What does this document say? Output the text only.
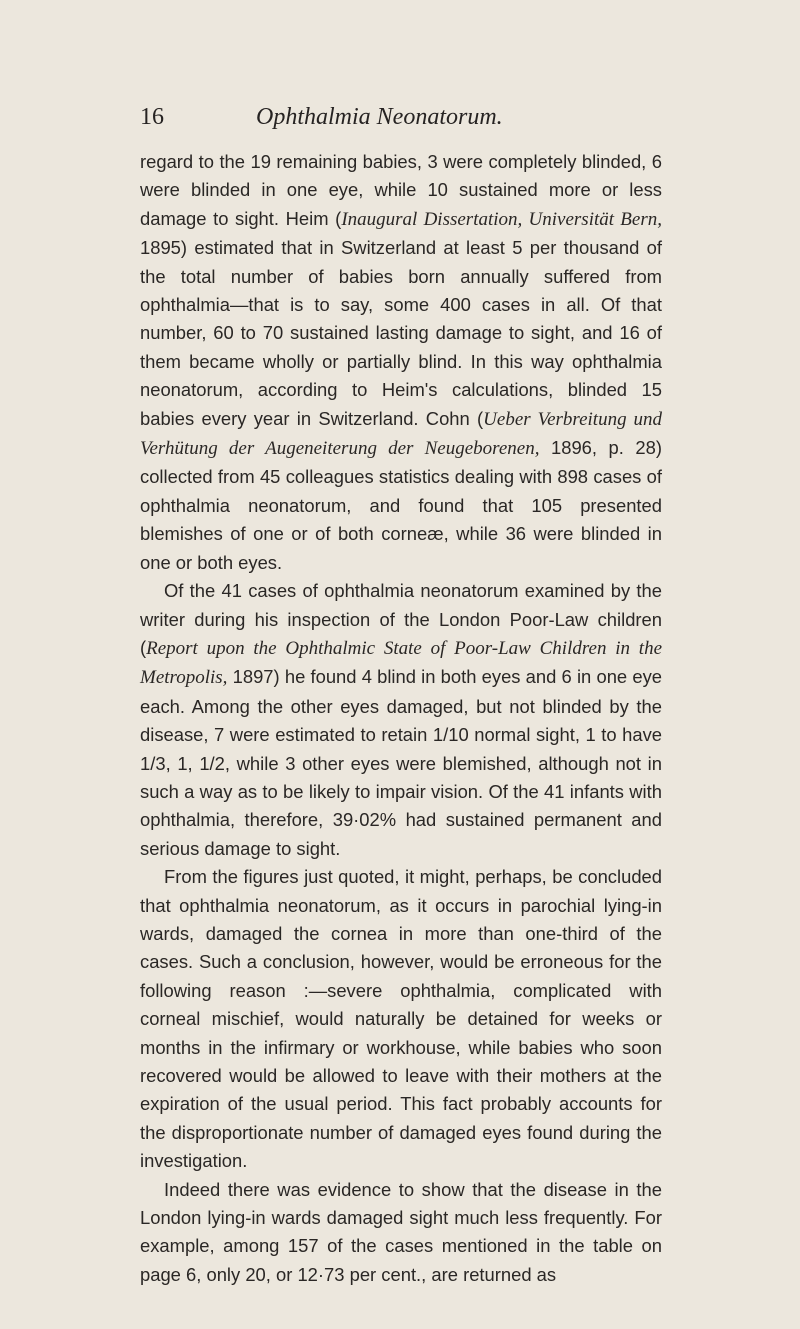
16	Ophthalmia Neonatorum.

regard to the 19 remaining babies, 3 were completely blinded, 6 were blinded in one eye, while 10 sustained more or less damage to sight. Heim (Inaugural Dissertation, Universität Bern, 1895) estimated that in Switzerland at least 5 per thousand of the total number of babies born annually suffered from ophthalmia—that is to say, some 400 cases in all. Of that number, 60 to 70 sustained lasting damage to sight, and 16 of them became wholly or partially blind. In this way ophthalmia neonatorum, according to Heim's calculations, blinded 15 babies every year in Switzerland. Cohn (Ueber Verbreitung und Verhütung der Augeneiterung der Neugeborenen, 1896, p. 28) collected from 45 colleagues statistics dealing with 898 cases of ophthalmia neonatorum, and found that 105 presented blemishes of one or of both corneæ, while 36 were blinded in one or both eyes.

Of the 41 cases of ophthalmia neonatorum examined by the writer during his inspection of the London Poor-Law children (Report upon the Ophthalmic State of Poor-Law Children in the Metropolis, 1897) he found 4 blind in both eyes and 6 in one eye each. Among the other eyes damaged, but not blinded by the disease, 7 were estimated to retain 1/10 normal sight, 1 to have 1/3, 1, 1/2, while 3 other eyes were blemished, although not in such a way as to be likely to impair vision. Of the 41 infants with ophthalmia, therefore, 39·02% had sustained permanent and serious damage to sight.

From the figures just quoted, it might, perhaps, be concluded that ophthalmia neonatorum, as it occurs in parochial lying-in wards, damaged the cornea in more than one-third of the cases. Such a conclusion, however, would be erroneous for the following reason :—severe ophthalmia, complicated with corneal mischief, would naturally be detained for weeks or months in the infirmary or workhouse, while babies who soon recovered would be allowed to leave with their mothers at the expiration of the usual period. This fact probably accounts for the disproportionate number of damaged eyes found during the investigation.

Indeed there was evidence to show that the disease in the London lying-in wards damaged sight much less frequently. For example, among 157 of the cases mentioned in the table on page 6, only 20, or 12·73 per cent., are returned as
